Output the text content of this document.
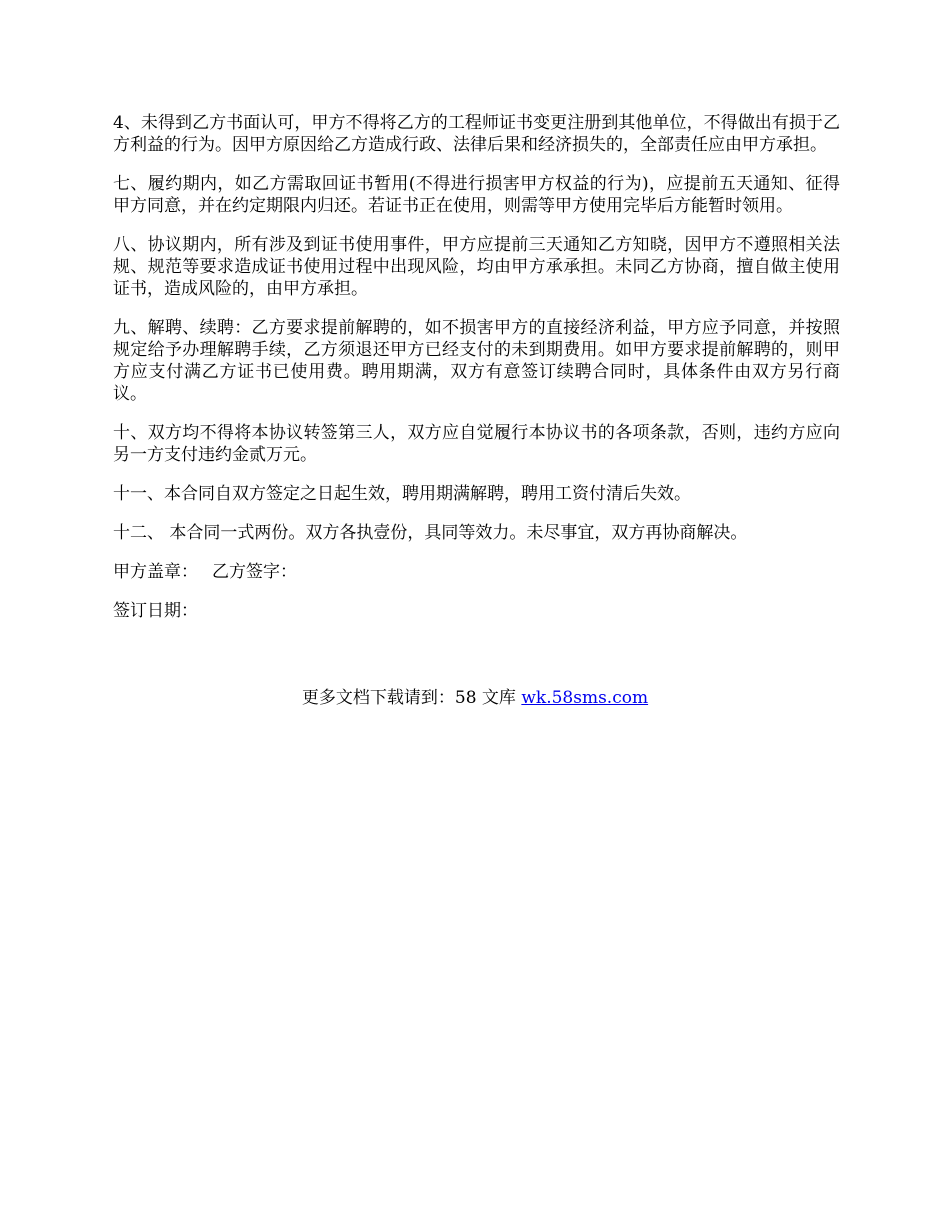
4、未得到乙方书面认可，甲方不得将乙方的工程师证书变更注册到其他单位，不得做出有损于乙方利益的行为。因甲方原因给乙方造成行政、法律后果和经济损失的，全部责任应由甲方承担。

七、履约期内，如乙方需取回证书暂用(不得进行损害甲方权益的行为)，应提前五天通知、征得甲方同意，并在约定期限内归还。若证书正在使用，则需等甲方使用完毕后方能暂时领用。

八、协议期内，所有涉及到证书使用事件，甲方应提前三天通知乙方知晓，因甲方不遵照相关法规、规范等要求造成证书使用过程中出现风险，均由甲方承承担。未同乙方协商，擅自做主使用证书，造成风险的，由甲方承担。

九、解聘、续聘：乙方要求提前解聘的，如不损害甲方的直接经济利益，甲方应予同意，并按照规定给予办理解聘手续，乙方须退还甲方已经支付的未到期费用。如甲方要求提前解聘的，则甲方应支付满乙方证书已使用费。聘用期满，双方有意签订续聘合同时，具体条件由双方另行商议。

十、双方均不得将本协议转签第三人，双方应自觉履行本协议书的各项条款，否则，违约方应向另一方支付违约金贰万元。

十一、本合同自双方签定之日起生效，聘用期满解聘，聘用工资付清后失效。

十二、 本合同一式两份。双方各执壹份，具同等效力。未尽事宜，双方再协商解决。

甲方盖章： 乙方签字：

签订日期：

更多文档下载请到：58 文库 wk.58sms.com
